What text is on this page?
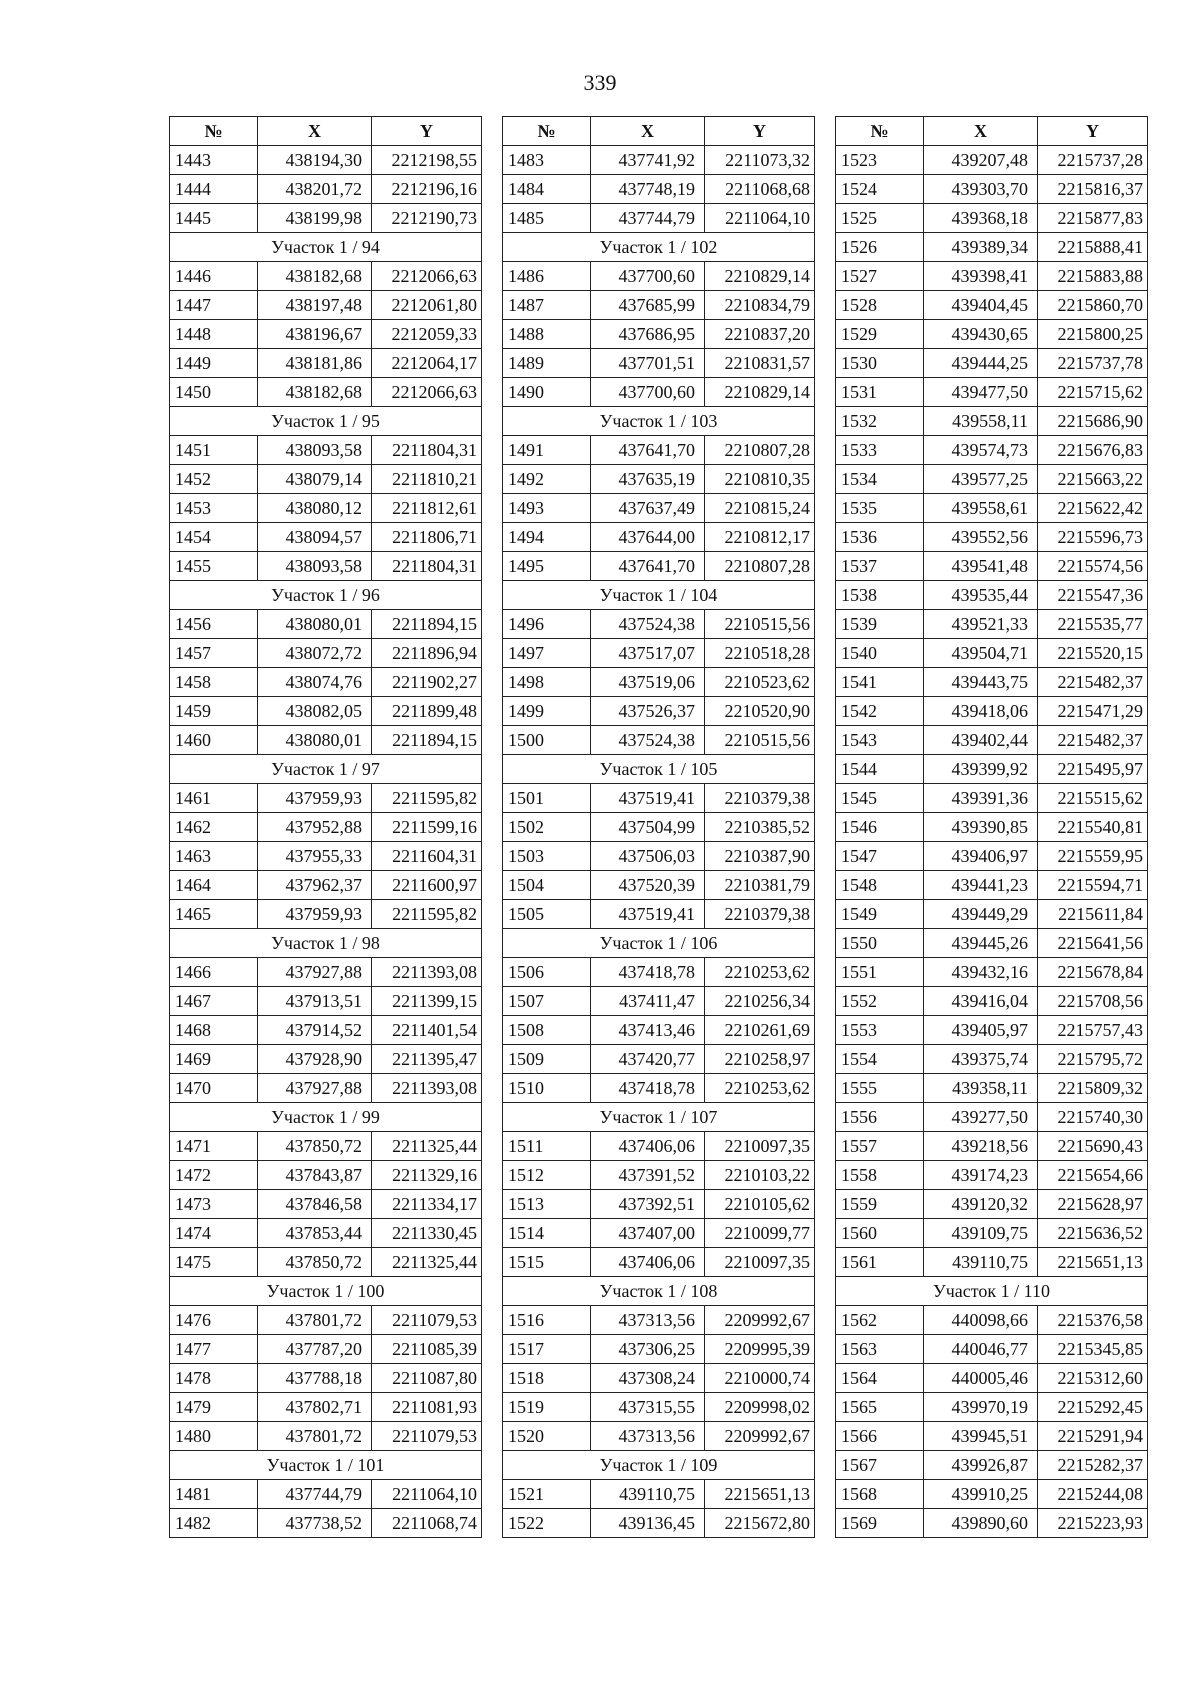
339
№	X	Y
1443	438194,30	2212198,55
1444	438201,72	2212196,16
1445	438199,98	2212190,73
Участок 1 / 94		
1446	438182,68	2212066,63
1447	438197,48	2212061,80
1448	438196,67	2212059,33
1449	438181,86	2212064,17
1450	438182,68	2212066,63
Участок 1 / 95		
1451	438093,58	2211804,31
1452	438079,14	2211810,21
1453	438080,12	2211812,61
1454	438094,57	2211806,71
1455	438093,58	2211804,31
Участок 1 / 96		
1456	438080,01	2211894,15
1457	438072,72	2211896,94
1458	438074,76	2211902,27
1459	438082,05	2211899,48
1460	438080,01	2211894,15
Участок 1 / 97		
1461	437959,93	2211595,82
1462	437952,88	2211599,16
1463	437955,33	2211604,31
1464	437962,37	2211600,97
1465	437959,93	2211595,82
Участок 1 / 98		
1466	437927,88	2211393,08
1467	437913,51	2211399,15
1468	437914,52	2211401,54
1469	437928,90	2211395,47
1470	437927,88	2211393,08
Участок 1 / 99		
1471	437850,72	2211325,44
1472	437843,87	2211329,16
1473	437846,58	2211334,17
1474	437853,44	2211330,45
1475	437850,72	2211325,44
Участок 1 / 100		
1476	437801,72	2211079,53
1477	437787,20	2211085,39
1478	437788,18	2211087,80
1479	437802,71	2211081,93
1480	437801,72	2211079,53
Участок 1 / 101		
1481	437744,79	2211064,10
1482	437738,52	2211068,74
№	X	Y
1483	437741,92	2211073,32
1484	437748,19	2211068,68
1485	437744,79	2211064,10
Участок 1 / 102		
1486	437700,60	2210829,14
1487	437685,99	2210834,79
1488	437686,95	2210837,20
1489	437701,51	2210831,57
1490	437700,60	2210829,14
Участок 1 / 103		
1491	437641,70	2210807,28
1492	437635,19	2210810,35
1493	437637,49	2210815,24
1494	437644,00	2210812,17
1495	437641,70	2210807,28
Участок 1 / 104		
1496	437524,38	2210515,56
1497	437517,07	2210518,28
1498	437519,06	2210523,62
1499	437526,37	2210520,90
1500	437524,38	2210515,56
Участок 1 / 105		
1501	437519,41	2210379,38
1502	437504,99	2210385,52
1503	437506,03	2210387,90
1504	437520,39	2210381,79
1505	437519,41	2210379,38
Участок 1 / 106		
1506	437418,78	2210253,62
1507	437411,47	2210256,34
1508	437413,46	2210261,69
1509	437420,77	2210258,97
1510	437418,78	2210253,62
Участок 1 / 107		
1511	437406,06	2210097,35
1512	437391,52	2210103,22
1513	437392,51	2210105,62
1514	437407,00	2210099,77
1515	437406,06	2210097,35
Участок 1 / 108		
1516	437313,56	2209992,67
1517	437306,25	2209995,39
1518	437308,24	2210000,74
1519	437315,55	2209998,02
1520	437313,56	2209992,67
Участок 1 / 109		
1521	439110,75	2215651,13
1522	439136,45	2215672,80
№	X	Y
1523	439207,48	2215737,28
1524	439303,70	2215816,37
1525	439368,18	2215877,83
1526	439389,34	2215888,41
1527	439398,41	2215883,88
1528	439404,45	2215860,70
1529	439430,65	2215800,25
1530	439444,25	2215737,78
1531	439477,50	2215715,62
1532	439558,11	2215686,90
1533	439574,73	2215676,83
1534	439577,25	2215663,22
1535	439558,61	2215622,42
1536	439552,56	2215596,73
1537	439541,48	2215574,56
1538	439535,44	2215547,36
1539	439521,33	2215535,77
1540	439504,71	2215520,15
1541	439443,75	2215482,37
1542	439418,06	2215471,29
1543	439402,44	2215482,37
1544	439399,92	2215495,97
1545	439391,36	2215515,62
1546	439390,85	2215540,81
1547	439406,97	2215559,95
1548	439441,23	2215594,71
1549	439449,29	2215611,84
1550	439445,26	2215641,56
1551	439432,16	2215678,84
1552	439416,04	2215708,56
1553	439405,97	2215757,43
1554	439375,74	2215795,72
1555	439358,11	2215809,32
1556	439277,50	2215740,30
1557	439218,56	2215690,43
1558	439174,23	2215654,66
1559	439120,32	2215628,97
1560	439109,75	2215636,52
1561	439110,75	2215651,13
Участок 1 / 110		
1562	440098,66	2215376,58
1563	440046,77	2215345,85
1564	440005,46	2215312,60
1565	439970,19	2215292,45
1566	439945,51	2215291,94
1567	439926,87	2215282,37
1568	439910,25	2215244,08
1569	439890,60	2215223,93
